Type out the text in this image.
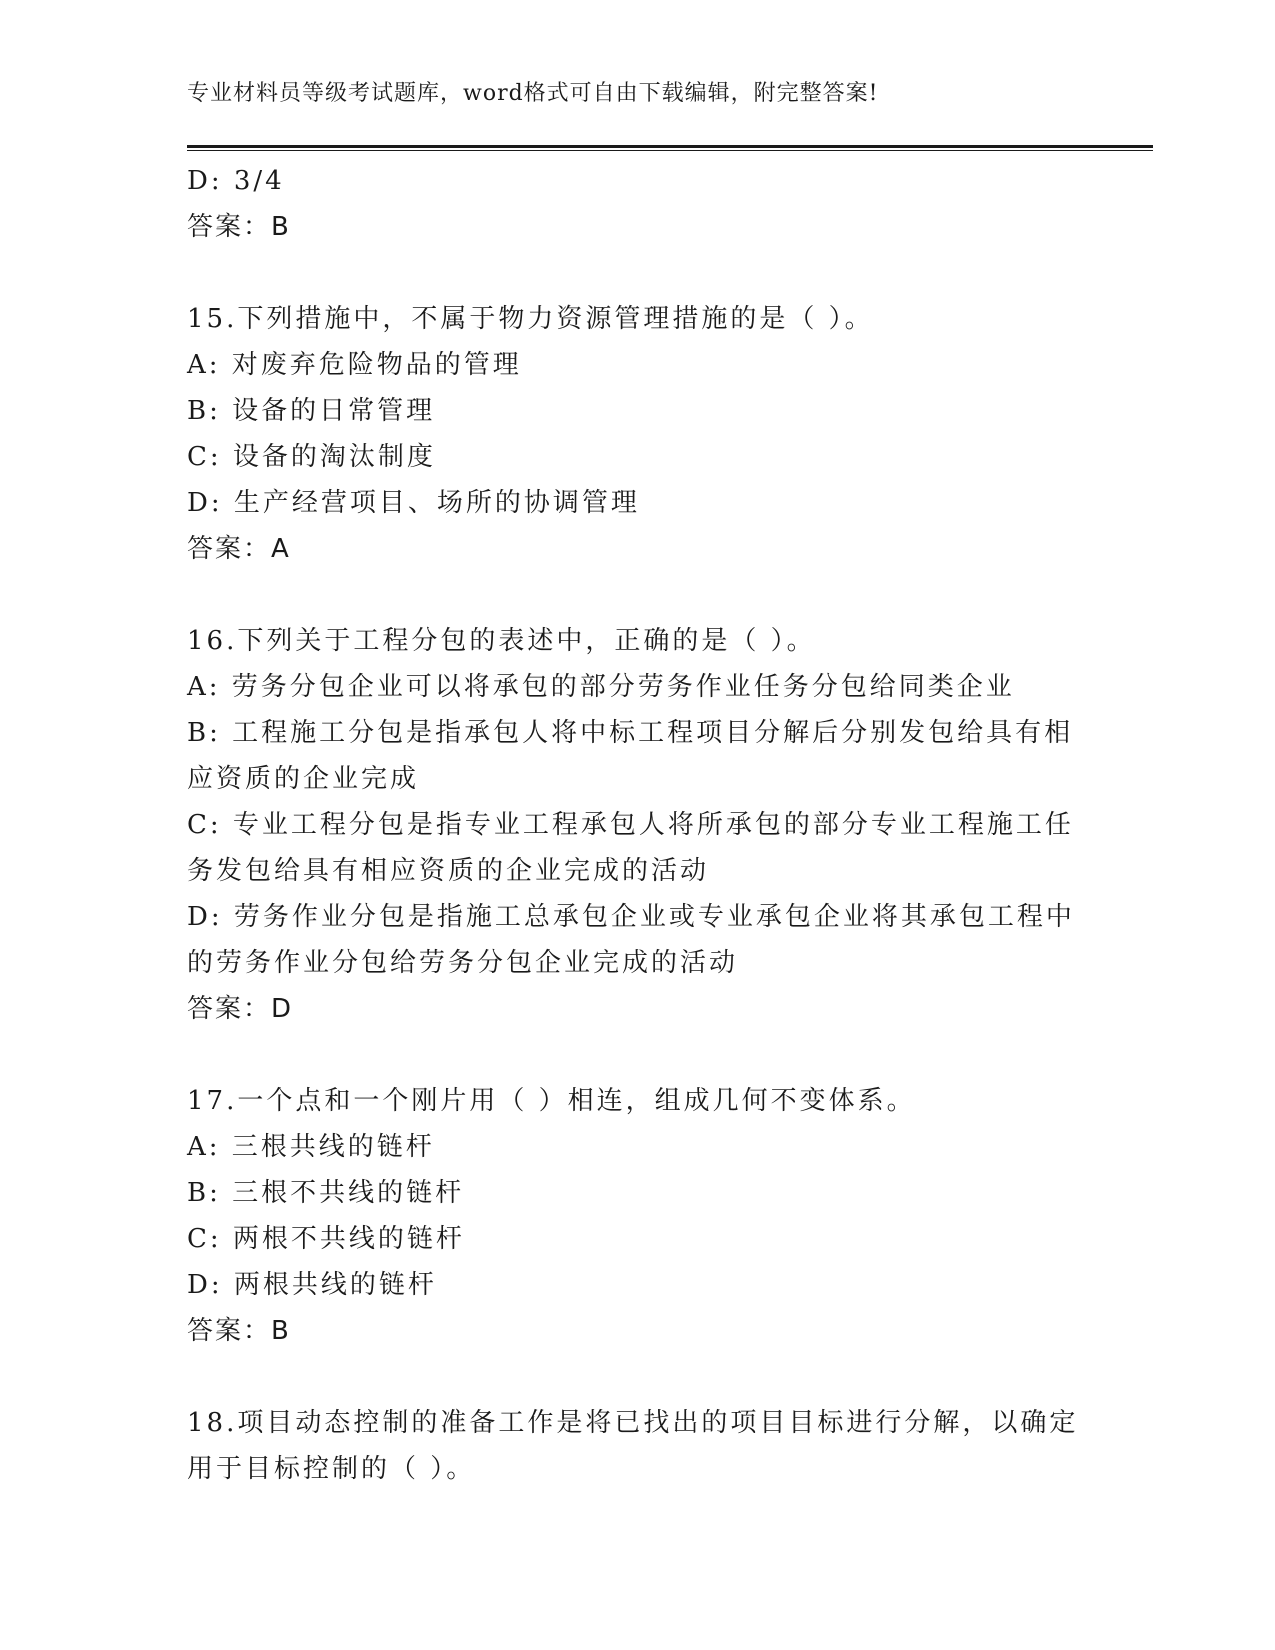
专业材料员等级考试题库，word格式可自由下载编辑，附完整答案!
D: 3/4
答案：B
15.下列措施中，不属于物力资源管理措施的是（ ）。
A: 对废弃危险物品的管理
B: 设备的日常管理
C: 设备的淘汰制度
D: 生产经营项目、场所的协调管理
答案：A
16.下列关于工程分包的表述中，正确的是（ ）。
A: 劳务分包企业可以将承包的部分劳务作业任务分包给同类企业
B: 工程施工分包是指承包人将中标工程项目分解后分别发包给具有相
应资质的企业完成
C: 专业工程分包是指专业工程承包人将所承包的部分专业工程施工任
务发包给具有相应资质的企业完成的活动
D: 劳务作业分包是指施工总承包企业或专业承包企业将其承包工程中
的劳务作业分包给劳务分包企业完成的活动
答案：D
17.一个点和一个刚片用（ ）相连，组成几何不变体系。
A: 三根共线的链杆
B: 三根不共线的链杆
C: 两根不共线的链杆
D: 两根共线的链杆
答案：B
18.项目动态控制的准备工作是将已找出的项目目标进行分解，以确定
用于目标控制的（ ）。
